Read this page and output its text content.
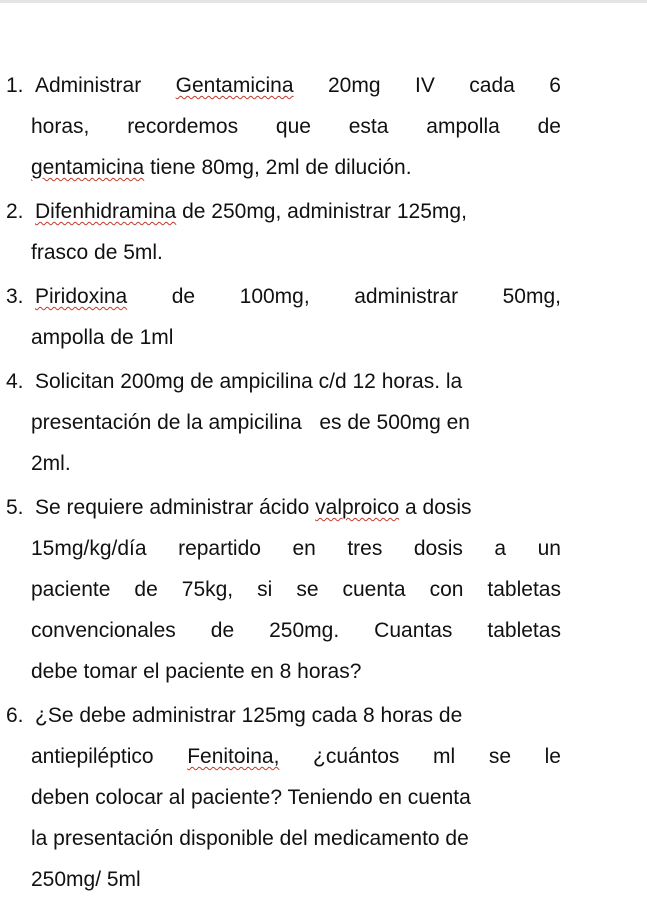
1. Administrar Gentamicina 20mg IV cada 6
horas, recordemos que esta ampolla de
gentamicina tiene 80mg, 2ml de dilución.
2. Difenhidramina de 250mg, administrar 125mg,
frasco de 5ml.
3. Piridoxina de 100mg, administrar 50mg,
ampolla de 1ml
4. Solicitan 200mg de ampicilina c/d 12 horas. la
presentación de la ampicilina   es de 500mg en
2ml.
5. Se requiere administrar ácido valproico a dosis
15mg/kg/día repartido en tres dosis a un
paciente de 75kg, si se cuenta con tabletas
convencionales de 250mg. Cuantas tabletas
debe tomar el paciente en 8 horas?
6. ¿Se debe administrar 125mg cada 8 horas de
antiepiléptico Fenitoina, ¿cuántos ml se le
deben colocar al paciente? Teniendo en cuenta
la presentación disponible del medicamento de
250mg/ 5ml
